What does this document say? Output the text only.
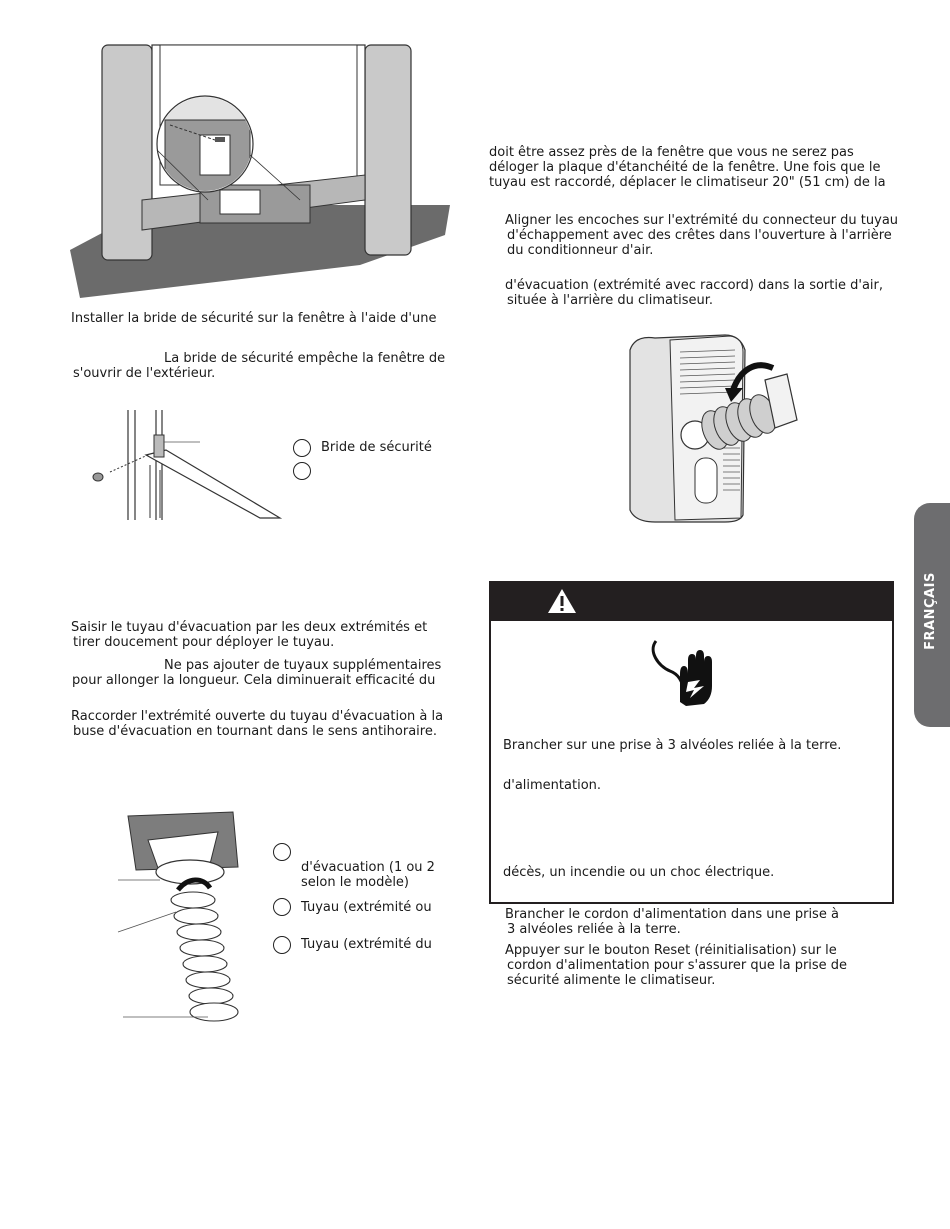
Installer la bride de sécurité sur la fenêtre à l'aide d'une
La bride de sécurité empêche la fenêtre de
s'ouvrir de l'extérieur.
Bride de sécurité
Saisir le tuyau d'évacuation par les deux extrémités et
tirer doucement pour déployer le tuyau.
Ne pas ajouter de tuyaux supplémentaires
pour allonger la longueur. Cela diminuerait efficacité du
Raccorder l'extrémité ouverte du tuyau d'évacuation à la
buse d'évacuation en tournant dans le sens antihoraire.
d'évacuation (1 ou 2
selon le modèle)
Tuyau (extrémité ou
Tuyau (extrémité du
doit être assez près de la fenêtre que vous ne serez pas
déloger la plaque d'étanchéité de la fenêtre. Une fois que le
tuyau est raccordé, déplacer le climatiseur 20" (51 cm) de la
Aligner les encoches sur l'extrémité du connecteur du tuyau
d'échappement avec des crêtes dans l'ouverture à l'arrière
du conditionneur d'air.
d'évacuation (extrémité avec raccord) dans la sortie d'air,
située à l'arrière du climatiseur.
Brancher sur une prise à 3 alvéoles reliée à la terre.
d'alimentation.
décès, un incendie ou un choc électrique.
Brancher le cordon d'alimentation dans une prise à
3 alvéoles reliée à la terre.
Appuyer sur le bouton Reset (réinitialisation) sur le
cordon d'alimentation pour s'assurer que la prise de
sécurité alimente le climatiseur.
FRANÇAIS
